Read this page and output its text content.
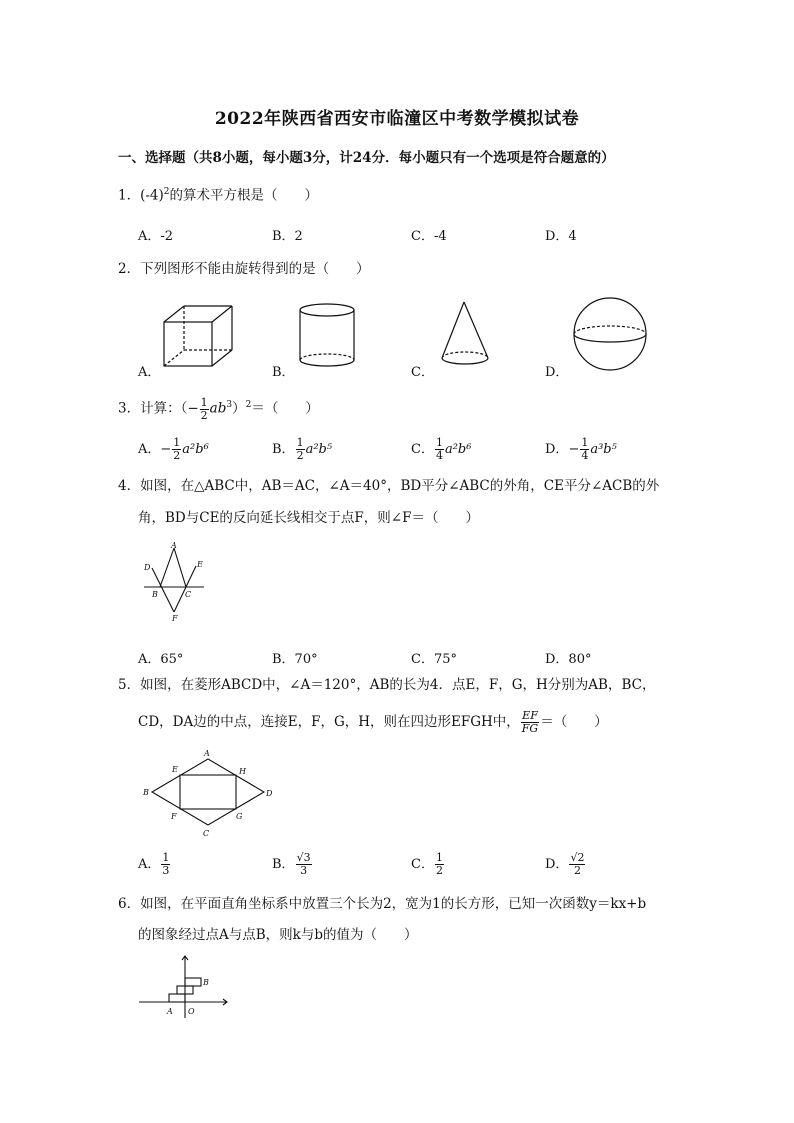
2022年陕西省西安市临潼区中考数学模拟试卷
一、选择题（共8小题，每小题3分，计24分．每小题只有一个选项是符合题意的）
1．$(-4)^2$的算术平方根是（　　）
A．-2	B．2	C．-4	D．4
2．下列图形不能由旋转得到的是（　　）
A．	B．	C．	D．
3．计算：（− $\frac{1}{2} ab^3)^2=$（　　）
A．− $\frac{1}{2} a^2b^6$	B． $\frac{1}{2} a^2b^5$	C． $\frac{1}{4} a^2b^6$	D．− $\frac{1}{4} a^3b^5$
4．如图，在△ABC中，AB＝AC，∠A＝40°，BD平分∠ABC的外角，CE平分∠ACB的外
角，BD与CE的反向延长线相交于点F，则∠F＝（　　）
A
D	E
B	C
F
A．65°	B．70°	C．75°	D．80°
5．如图，在菱形ABCD中，∠A＝120°，AB的长为4．点E，F，G，H分别为AB，BC，
CD，DA边的中点，连接E，F，G，H，则在四边形EFGH中， $\frac{EF}{FG}$ ＝（　　）
A
E	H
B	D
F	G
C
A． $\frac{1}{3}$	B． $\frac{√3}{3}$	C． $\frac{1}{2}$	D． $\frac{√2}{2}$
6．如图，在平面直角坐标系中放置三个长为2，宽为1的长方形，已知一次函数y＝kx+b
的图象经过点A与点B，则k与b的值为（　　）
B
A O
